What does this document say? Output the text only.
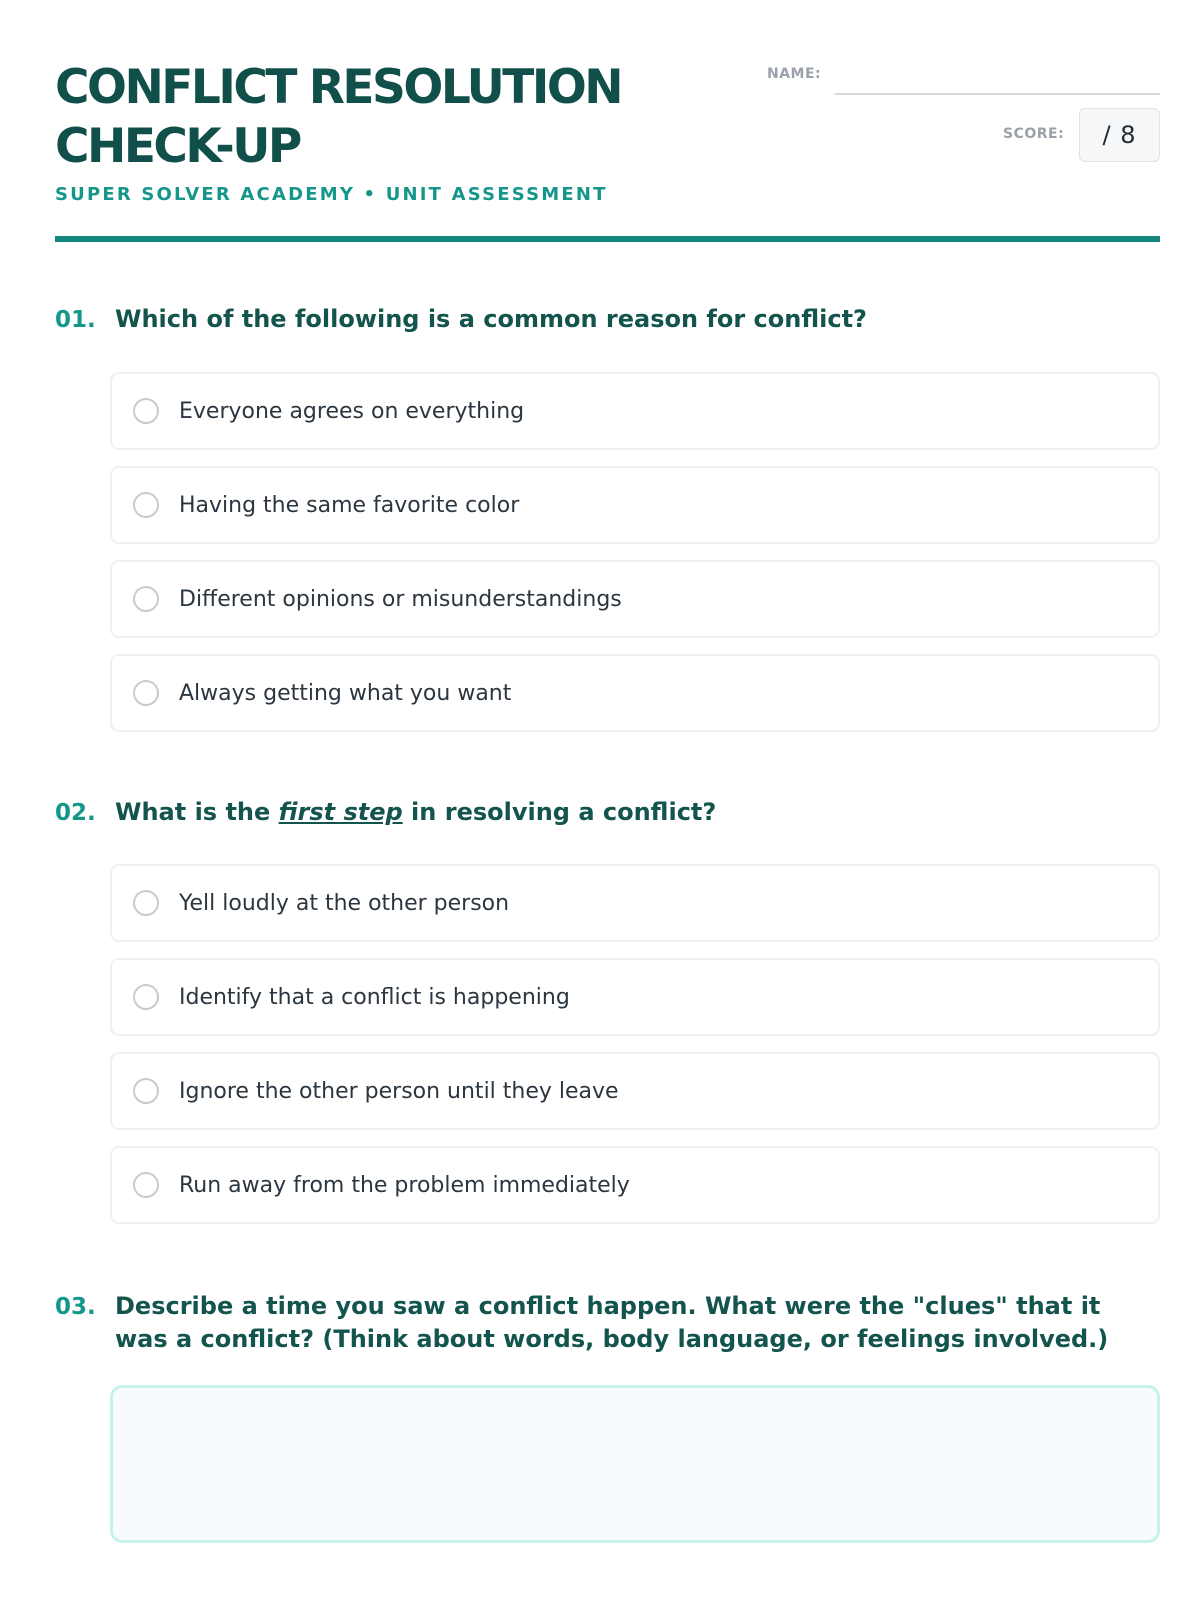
CONFLICT RESOLUTION
CHECK-UP
SUPER SOLVER ACADEMY • UNIT ASSESSMENT
NAME:
SCORE: / 8
01. Which of the following is a common reason for conflict?
Everyone agrees on everything
Having the same favorite color
Different opinions or misunderstandings
Always getting what you want
02. What is the first step in resolving a conflict?
Yell loudly at the other person
Identify that a conflict is happening
Ignore the other person until they leave
Run away from the problem immediately
03. Describe a time you saw a conflict happen. What were the "clues" that it was a conflict? (Think about words, body language, or feelings involved.)
